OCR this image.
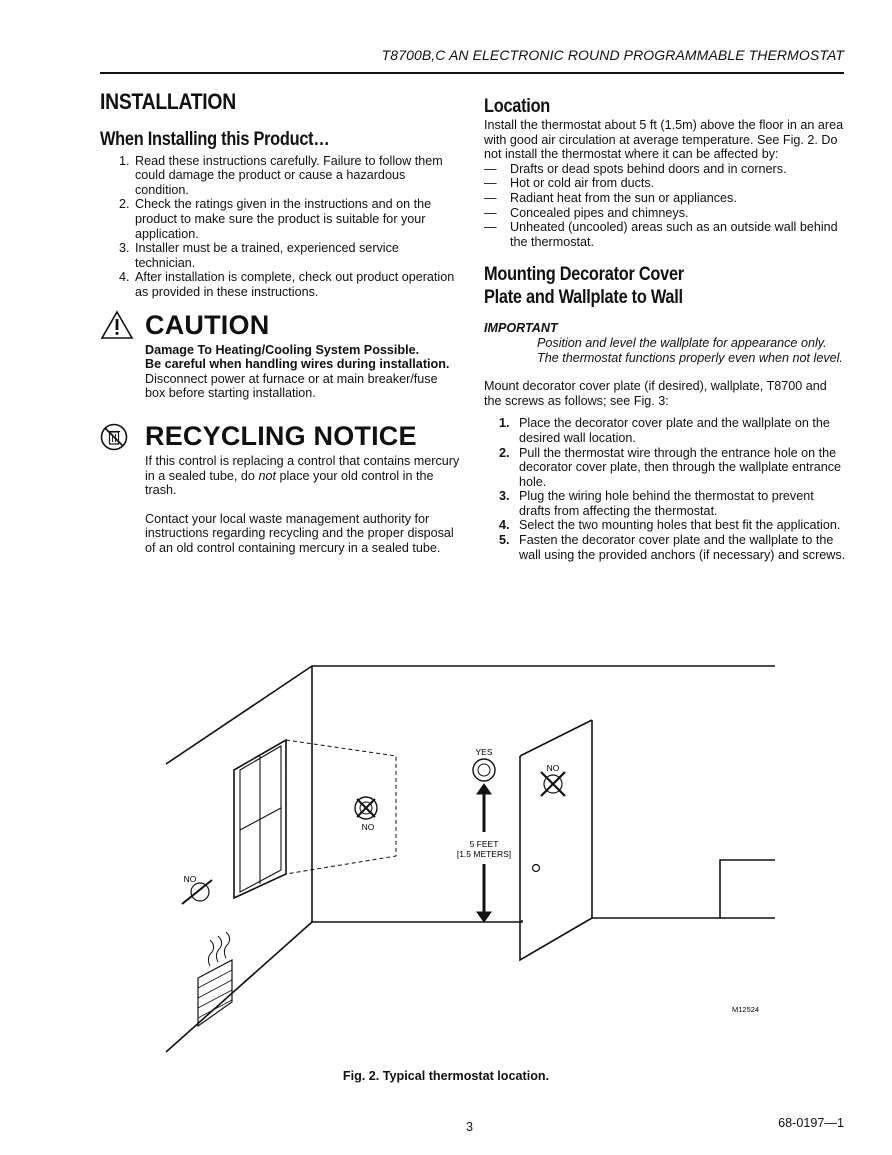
T8700B,C AN ELECTRONIC ROUND PROGRAMMABLE THERMOSTAT
INSTALLATION
When Installing this Product…
1. Read these instructions carefully. Failure to follow them could damage the product or cause a hazardous condition.
2. Check the ratings given in the instructions and on the product to make sure the product is suitable for your application.
3. Installer must be a trained, experienced service technician.
4. After installation is complete, check out product operation as provided in these instructions.
CAUTION

Damage To Heating/Cooling System Possible.

Be careful when handling wires during installation.

Disconnect power at furnace or at main breaker/fuse box before starting installation.

RECYCLING NOTICE

If this control is replacing a control that contains mercury in a sealed tube, do not place your old control in the trash.

Contact your local waste management authority for instructions regarding recycling and the proper disposal of an old control containing mercury in a sealed tube.

Location

Install the thermostat about 5 ft (1.5m) above the floor in an area with good air circulation at average temperature. See Fig. 2. Do not install the thermostat where it can be affected by:

— Drafts or dead spots behind doors and in corners.
— Hot or cold air from ducts.
— Radiant heat from the sun or appliances.
— Concealed pipes and chimneys.
— Unheated (uncooled) areas such as an outside wall behind the thermostat.
Mounting Decorator Cover
Plate and Wallplate to Wall

IMPORTANT

Position and level the wallplate for appearance only. The thermostat functions properly even when not level.

Mount decorator cover plate (if desired), wallplate, T8700 and the screws as follows; see Fig. 3:

1. Place the decorator cover plate and the wallplate on the desired wall location.
2. Pull the thermostat wire through the entrance hole on the decorator cover plate, then through the wallplate entrance hole.
3. Plug the wiring hole behind the thermostat to prevent drafts from affecting the thermostat.
4. Select the two mounting holes that best fit the application.
5. Fasten the decorator cover plate and the wallplate to the wall using the provided anchors (if necessary) and screws.
YES
NO
NO
NO
5 FEET
[1.5 METERS]
M12524
Fig. 2. Typical thermostat location.
3	68-0197—1
